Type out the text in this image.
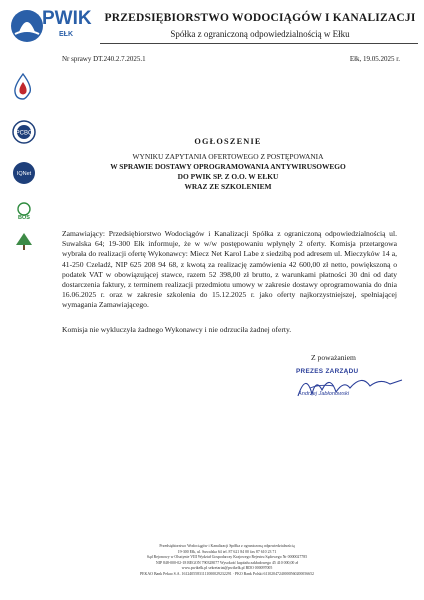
PWIK
EŁK
PRZEDSIĘBIORSTWO WODOCIĄGÓW I KANALIZACJI
Spółka z ograniczoną odpowiedzialnością w Ełku
Nr sprawy DT.240.2.7.2025.1	Ełk, 19.05.2025 r.
PCBC
IQNet
BOS
OGŁOSZENIE
WYNIKU ZAPYTANIA OFERTOWEGO Z POSTĘPOWANIA
W SPRAWIE DOSTAWY OPROGRAMOWANIA ANTYWIRUSOWEGO
DO PWIK SP. Z O.O. W EŁKU
WRAZ ZE SZKOLENIEM
Zamawiający: Przedsiębiorstwo Wodociągów i Kanalizacji Spółka z ograniczoną odpowiedzialnością ul. Suwalska 64; 19-300 Ełk informuje, że w w/w postępowaniu wpłynęły 2 oferty. Komisja przetargowa wybrała do realizacji ofertę Wykonawcy: Miecz Net Karol Labe z siedzibą pod adresem ul. Mieczyków 14 a, 41-250 Czeladź, NIP 625 208 94 68, z kwotą za realizację zamówienia 42 600,00 zł netto, powiększoną o podatek VAT w obowiązującej stawce, razem 52 398,00 zł brutto, z warunkami płatności 30 dni od daty dostarczenia faktury, z terminem realizacji przedmiotu umowy w zakresie dostawy oprogramowania do dnia 16.06.2025 r. oraz w zakresie szkolenia do 15.12.2025 r. jako oferty najkorzystniejszej, spełniającej wymagania Zamawiającego.
Komisja nie wykluczyła żadnego Wykonawcy i nie odrzuciła żadnej oferty.
Z poważaniem
PREZES ZARZĄDU
Andrzej Jabłonowski
Przedsiębiorstwo Wodociągów i Kanalizacji Spółka z ograniczoną odpowiedzialnością
19-300 Ełk, ul. Suwalska 64 tel. 87 621 84 00 fax 87 610 23 71
Sąd Rejonowy w Olsztynie VIII Wydział Gospodarczy Krajowego Rejestru Sądowego Nr 0000027785
NIP 848-000-02-18 REGON 790328077 Wysokość kapitału zakładowego 45 410 000,00 zł
www.pwikelk.pl sekretariat@pwikelk.pl BDO 000097005
PEKAO Bank Pekao S.A. 16124055831111000029232291 · PKO Bank Polski 61102047240000560200056652
